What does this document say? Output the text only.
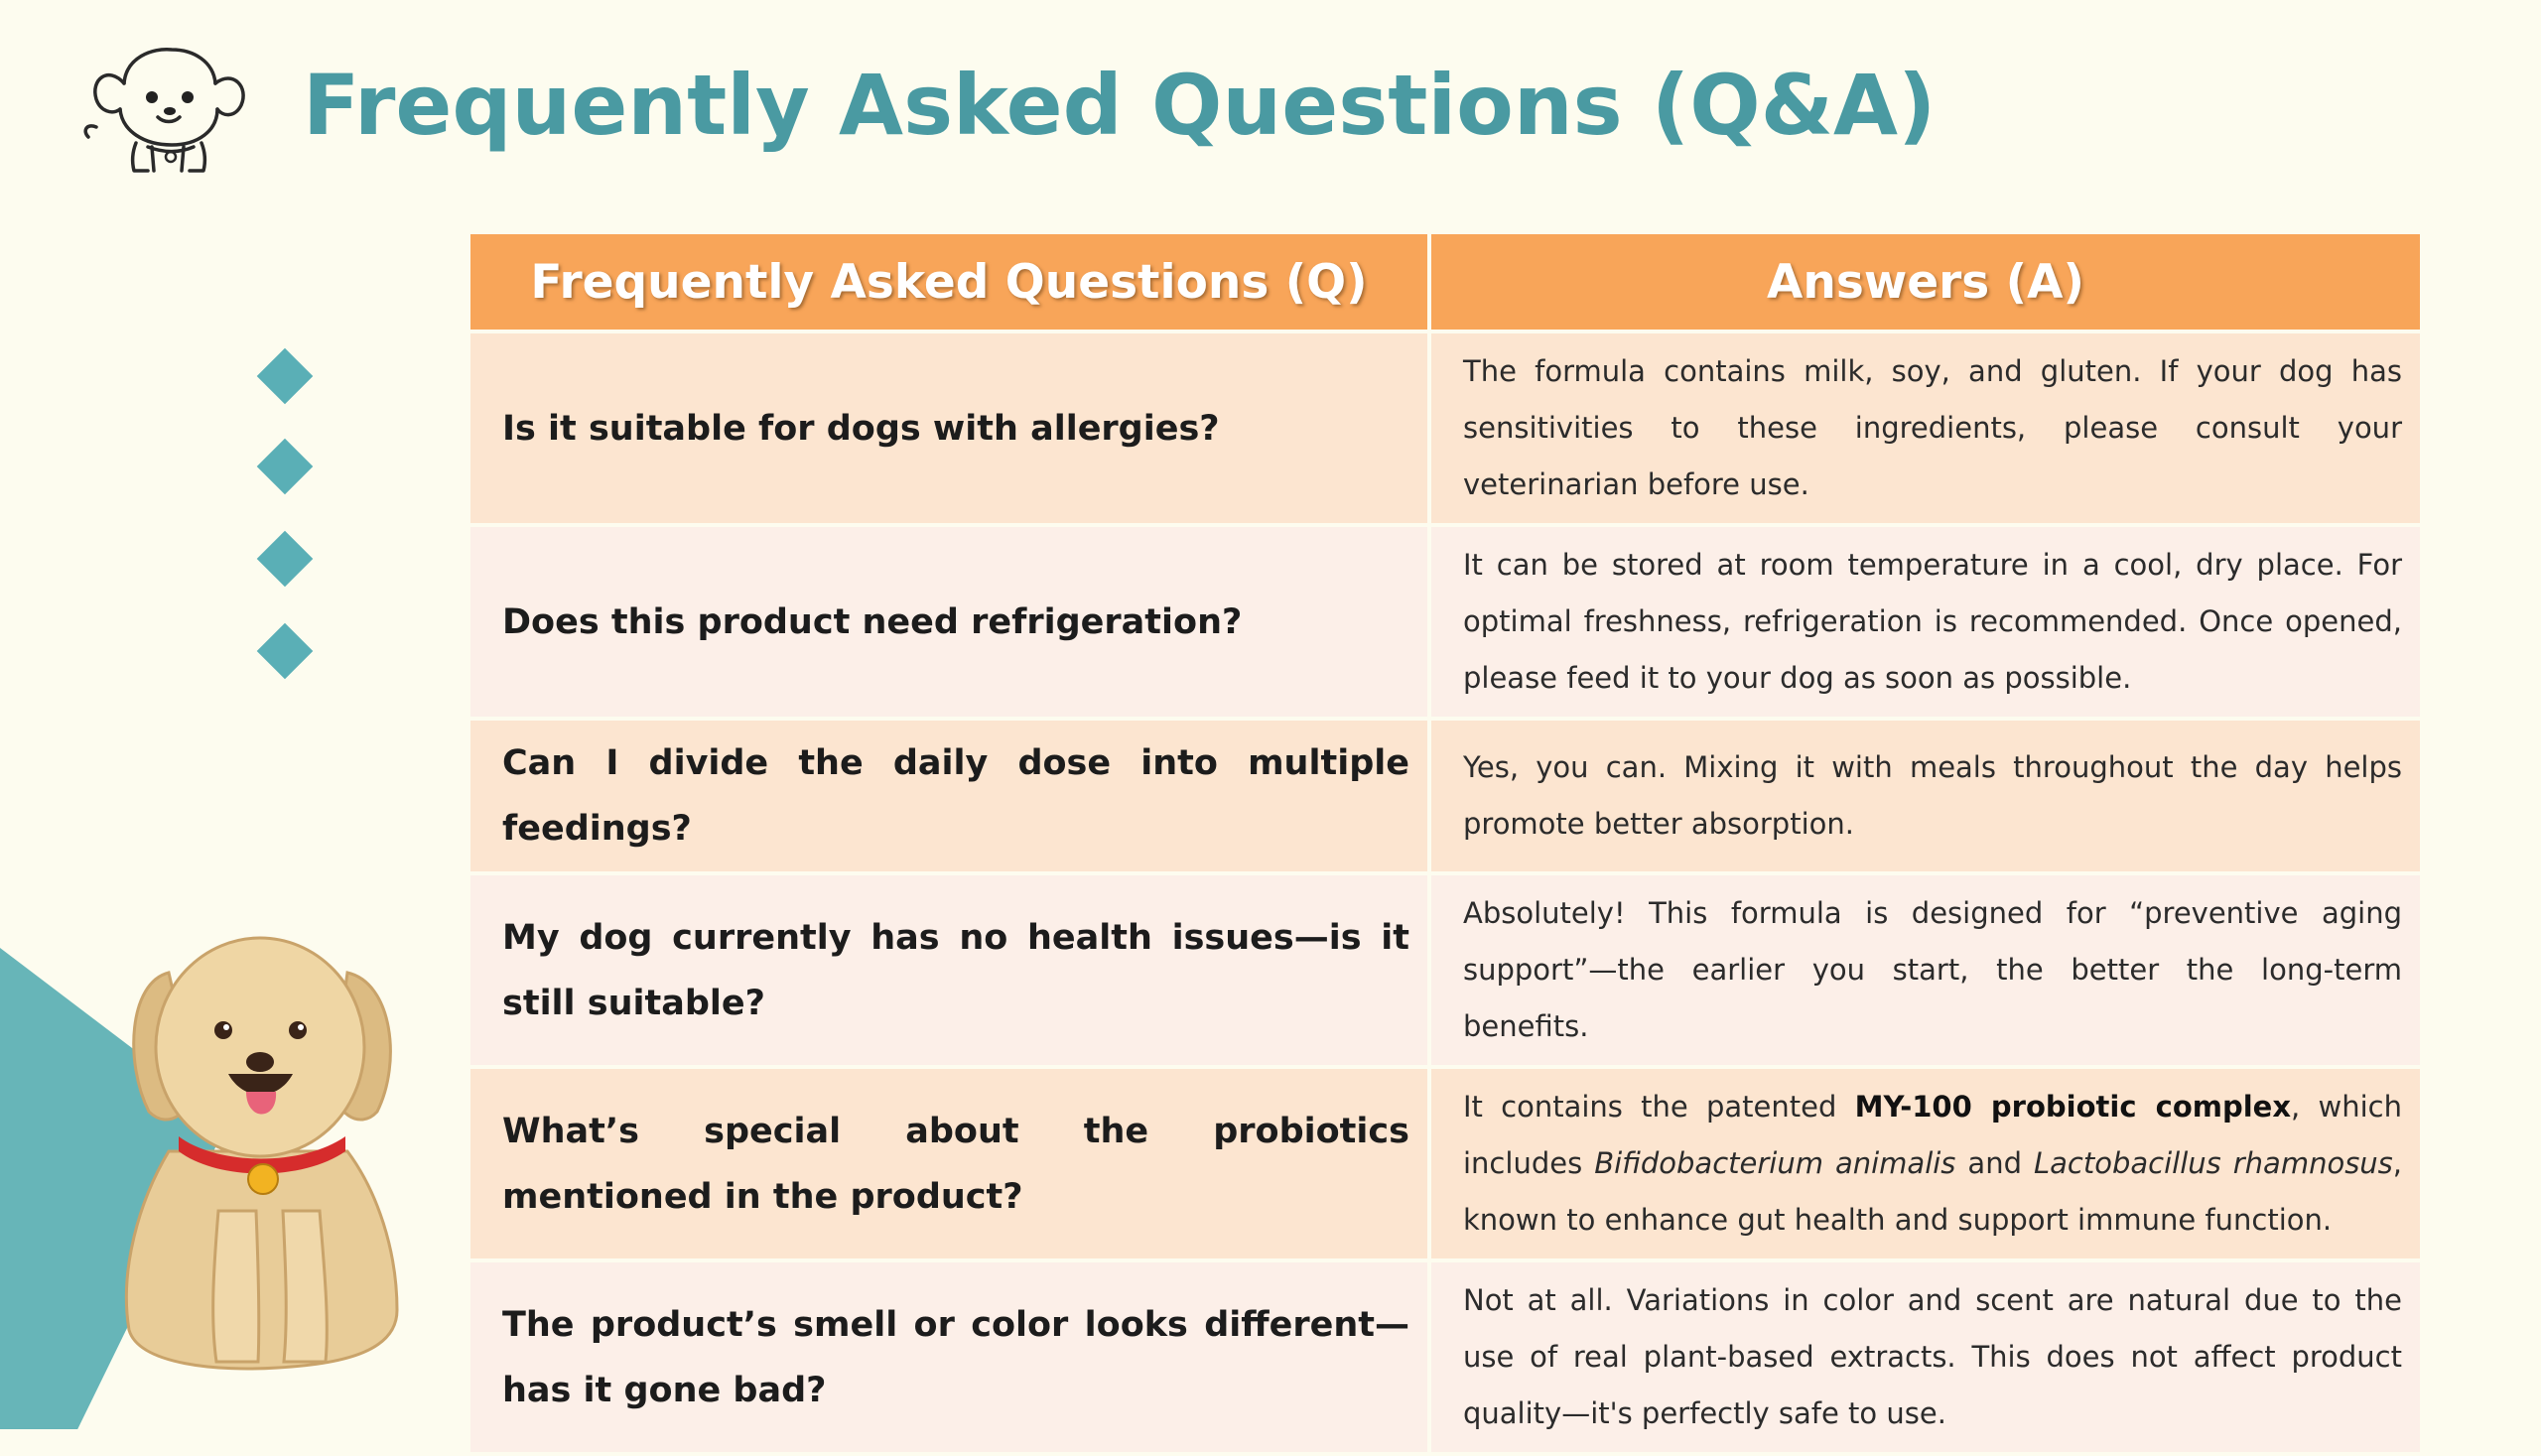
Frequently Asked Questions (Q&A)
Frequently Asked Questions (Q)	Answers (A)
Is it suitable for dogs with allergies?	The formula contains milk, soy, and gluten. If your dog has sensitivities to these ingredients, please consult your veterinarian before use.
Does this product need refrigeration?	It can be stored at room temperature in a cool, dry place. For optimal freshness, refrigeration is recommended. Once opened, please feed it to your dog as soon as possible.
Can I divide the daily dose into multiple feedings?	Yes, you can. Mixing it with meals throughout the day helps promote better absorption.
My dog currently has no health issues—is it still suitable?	Absolutely! This formula is designed for “preventive aging support”—the earlier you start, the better the long-term benefits.
What’s special about the probiotics mentioned in the product?	It contains the patented MY-100 probiotic complex, which includes Bifidobacterium animalis and Lactobacillus rhamnosus, known to enhance gut health and support immune function.
The product’s smell or color looks different—has it gone bad?	Not at all. Variations in color and scent are natural due to the use of real plant-based extracts. This does not affect product quality—it's perfectly safe to use.
